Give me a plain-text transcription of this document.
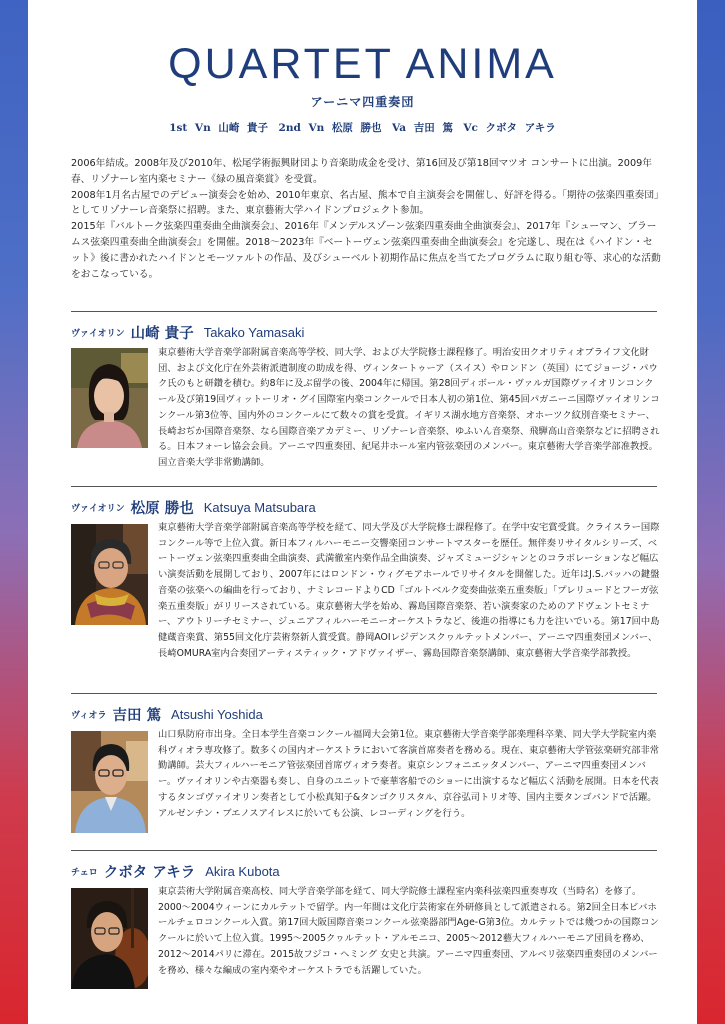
QUARTET ANIMA
アーニマ四重奏団
1st Vn 山崎 貴子　2nd Vn 松原 勝也　Va 吉田 篤　Vc クボタ アキラ

2006年結成。2008年及び2010年、松尾学術振興財団より音楽助成金を受け、第16回及び第18回マツオ コンサートに出演。2009年春、リゾナーレ室内楽セミナー《緑の風音楽賞》を受賞。

2008年1月名古屋でのデビュー演奏会を始め、2010年東京、名古屋、熊本で自主演奏会を開催し、好評を得る。「期待の弦楽四重奏団」としてリゾナーレ音楽祭に招聘。また、東京藝術大学ハイドンプロジェクト参加。

2015年『バルトーク弦楽四重奏曲全曲演奏会』、2016年『メンデルスゾーン弦楽四重奏曲全曲演奏会』、2017年『シューマン、ブラームス弦楽四重奏曲全曲演奏会』を開催。2018～2023年『ベートーヴェン弦楽四重奏曲全曲演奏会』を完遂し、現在は《ハイドン・セット》後に書かれたハイドンとモーツァルトの作品、及びシューベルト初期作品に焦点を当てたプログラムに取り組む等、求心的な活動をおこなっている。

ヴァイオリン 山崎 貴子 Takako Yamasaki
東京藝術大学音楽学部附属音楽高等学校、同大学、および大学院修士課程修了。明治安田クオリティオブライフ文化財団、および文化庁在外芸術派遣制度の助成を得、ヴィンタートゥーア（スイス）やロンドン（英国）にてジョージ・パウク氏のもと研鑽を積む。約8年に及ぶ留学の後、2004年に帰国。第28回ディボール・ヴァルガ国際ヴァイオリンコンクール及び第19回ヴィットーリオ・グイ国際室内楽コンクールで日本人初の第1位、第45回パガニーニ国際ヴァイオリンコンクール第3位等、国内外のコンクールにて数々の賞を受賞。イギリス湖水地方音楽祭、オホーツク紋別音楽セミナー、長崎おぢか国際音楽祭、なら国際音楽アカデミー、リゾナーレ音楽祭、ゆふいん音楽祭、飛騨高山音楽祭などに招聘される。日本フォーレ協会会員。アーニマ四重奏団、紀尾井ホール室内管弦楽団のメンバー。東京藝術大学音楽学部准教授。国立音楽大学非常勤講師。
ヴァイオリン 松原 勝也 Katsuya Matsubara
東京藝術大学音楽学部附属音楽高等学校を経て、同大学及び大学院修士課程修了。在学中安宅賞受賞。クライスラー国際コンクール等で上位入賞。新日本フィルハーモニー交響楽団コンサートマスターを歴任。無伴奏リサイタルシリーズ、ベートーヴェン弦楽四重奏曲全曲演奏、武満徹室内楽作品全曲演奏、ジャズミュージシャンとのコラボレーションなど幅広い演奏活動を展開しており、2007年にはロンドン・ウィグモアホールでリサイタルを開催した。近年はJ.S.バッハの鍵盤音楽の弦楽への編曲を行っており、ナミレコードよりCD「ゴルトベルク変奏曲弦楽五重奏版」「プレリュードとフーガ弦楽五重奏版」がリリースされている。東京藝術大学を始め、霧島国際音楽祭、若い演奏家のためのアドヴェントセミナー、アウトリーチセミナー、ジュニアフィルハーモニーオーケストラなど、後進の指導にも力を注いでいる。第17回中島健蔵音楽賞、第55回文化庁芸術祭新人賞受賞。静岡AOIレジデンスクヮルテットメンバー、アーニマ四重奏団メンバー、長崎OMURA室内合奏団アーティスティック・アドヴァイザー、霧島国際音楽祭講師、東京藝術大学音楽学部教授。
ヴィオラ 吉田 篤 Atsushi Yoshida
山口県防府市出身。全日本学生音楽コンクール福岡大会第1位。東京藝術大学音楽学部楽理科卒業、同大学大学院室内楽科ヴィオラ専攻修了。数多くの国内オーケストラにおいて客演首席奏者を務める。現在、東京藝術大学管弦楽研究部非常勤講師。芸大フィルハーモニア管弦楽団首席ヴィオラ奏者。東京シンフォニエッタメンバー、アーニマ四重奏団メンバー。ヴァイオリンや古楽器も奏し、自身のユニットで豪華客船でのショーに出演するなど幅広く活動を展開。日本を代表するタンゴヴァイオリン奏者として小松真知子&タンゴクリスタル、京谷弘司トリオ等、国内主要タンゴバンドで活躍。アルゼンチン・ブエノスアイレスに於いても公演、レコーディングを行う。
チェロ クボタ アキラ Akira Kubota
東京芸術大学附属音楽高校、同大学音楽学部を経て、同大学院修士課程室内楽科弦楽四重奏専攻（当時名）を修了。2000～2004ウィーンにカルテットで留学。内一年間は文化庁芸術家在外研修員として派遣される。第2回全日本ビバホールチェロコンクール入賞。第17回大阪国際音楽コンクール弦楽器部門Age-G第3位。カルテットでは幾つかの国際コンクールに於いて上位入賞。1995～2005クヮルテット・アルモニコ、2005～2012藝大フィルハーモニア団員を務め、2012～2014パリに滞在。2015故フジコ・ヘミング 女史と共演。アーニマ四重奏団、アルベリ弦楽四重奏団のメンバーを務め、様々な編成の室内楽やオーケストラでも活躍していた。
